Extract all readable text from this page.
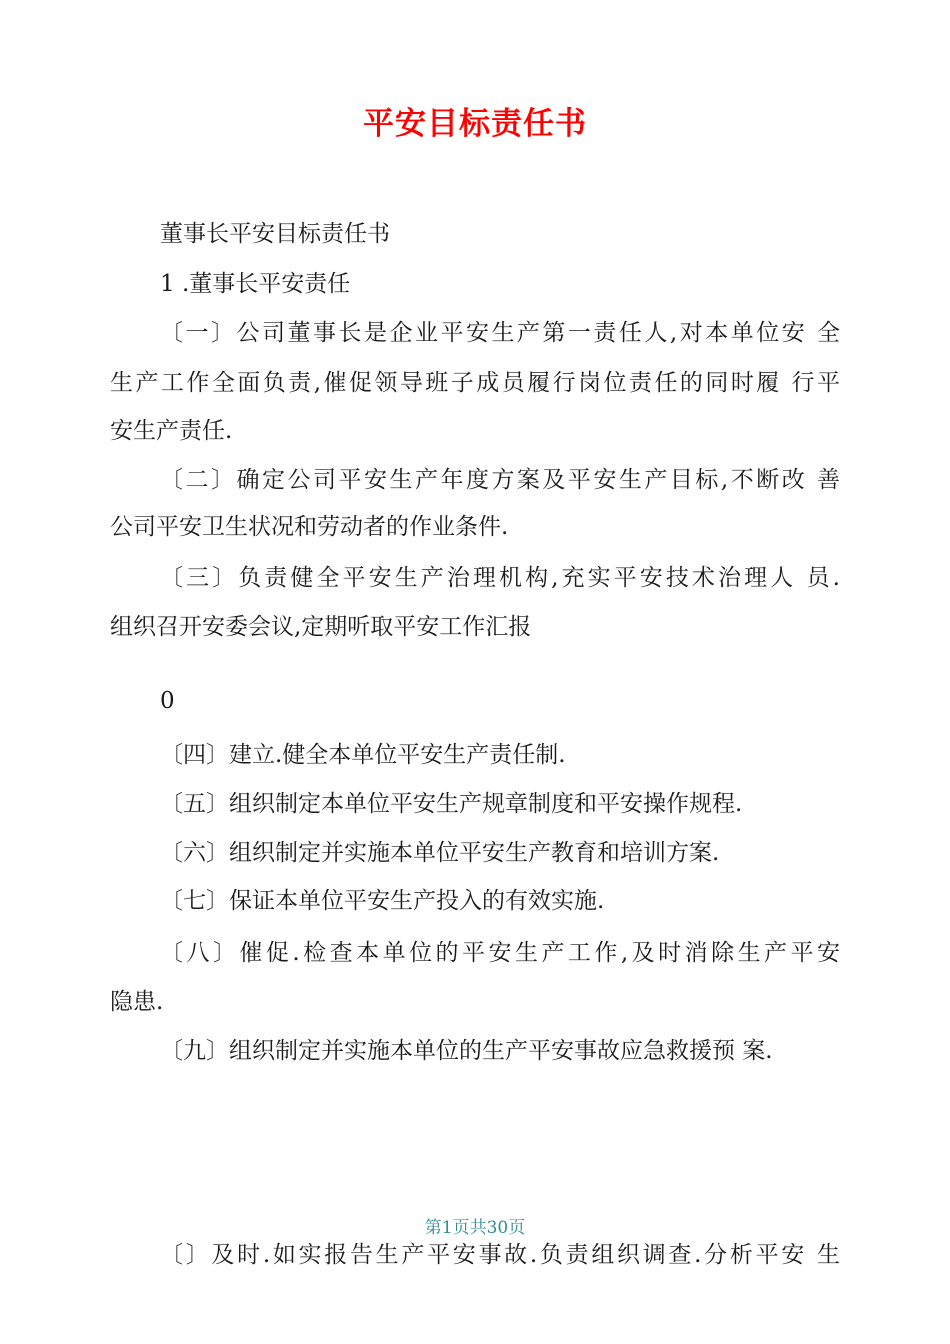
平安目标责任书

董事长平安目标责任书

1 .董事长平安责任

〔一〕公司董事长是企业平安生产第一责任人,对本单位安 全

生产工作全面负责,催促领导班子成员履行岗位责任的同时履 行平

安生产责任.

〔二〕确定公司平安生产年度方案及平安生产目标,不断改 善

公司平安卫生状况和劳动者的作业条件.

〔三〕负责健全平安生产治理机构,充实平安技术治理人 员.

组织召开安委会议,定期听取平安工作汇报

0

〔四〕建立.健全本单位平安生产责任制.

〔五〕组织制定本单位平安生产规章制度和平安操作规程.

〔六〕组织制定并实施本单位平安生产教育和培训方案.

〔七〕保证本单位平安生产投入的有效实施.

〔八〕催促.检查本单位的平安生产工作,及时消除生产平安

隐患.

〔九〕组织制定并实施本单位的生产平安事故应急救援预 案.

第1页共30页

〔〕及时.如实报告生产平安事故.负责组织调查.分析平安 生
